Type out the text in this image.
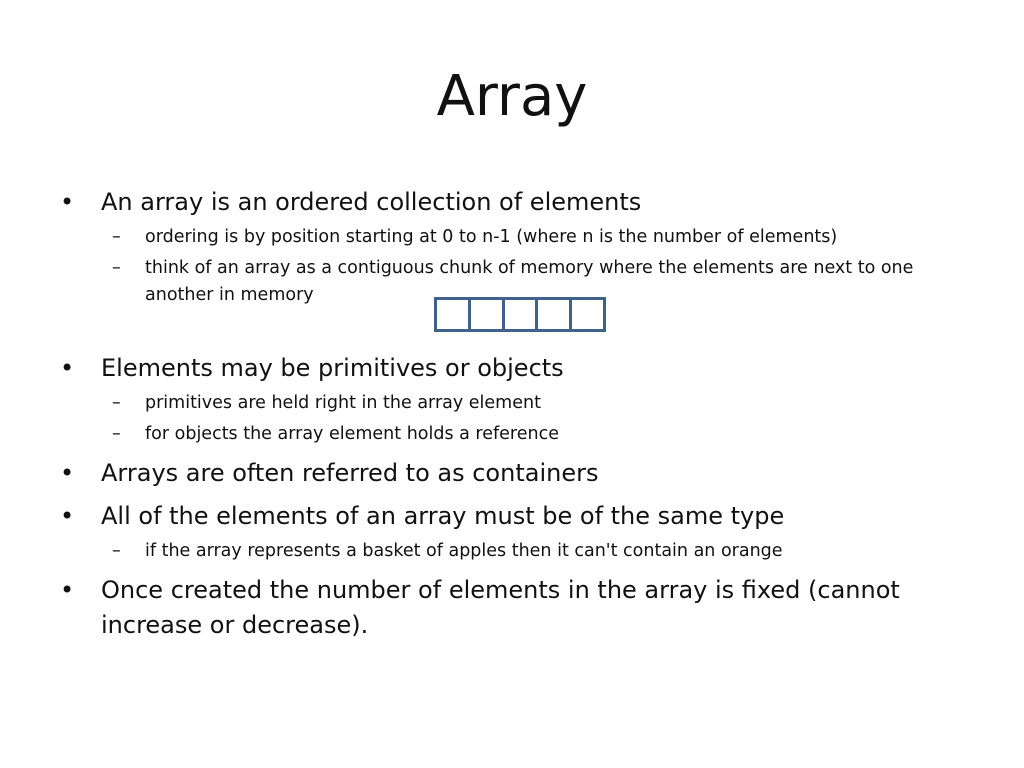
Array
• An array is an ordered collection of elements
– ordering is by position starting at 0 to n-1 (where n is the number of elements)
– think of an array as a contiguous chunk of memory where the elements are next to one another in memory
• Elements may be primitives or objects
– primitives are held right in the array element
– for objects the array element holds a reference
• Arrays are often referred to as containers
• All of the elements of an array must be of the same type
– if the array represents a basket of apples then it can't contain an orange
• Once created the number of elements in the array is fixed (cannot increase or decrease).
